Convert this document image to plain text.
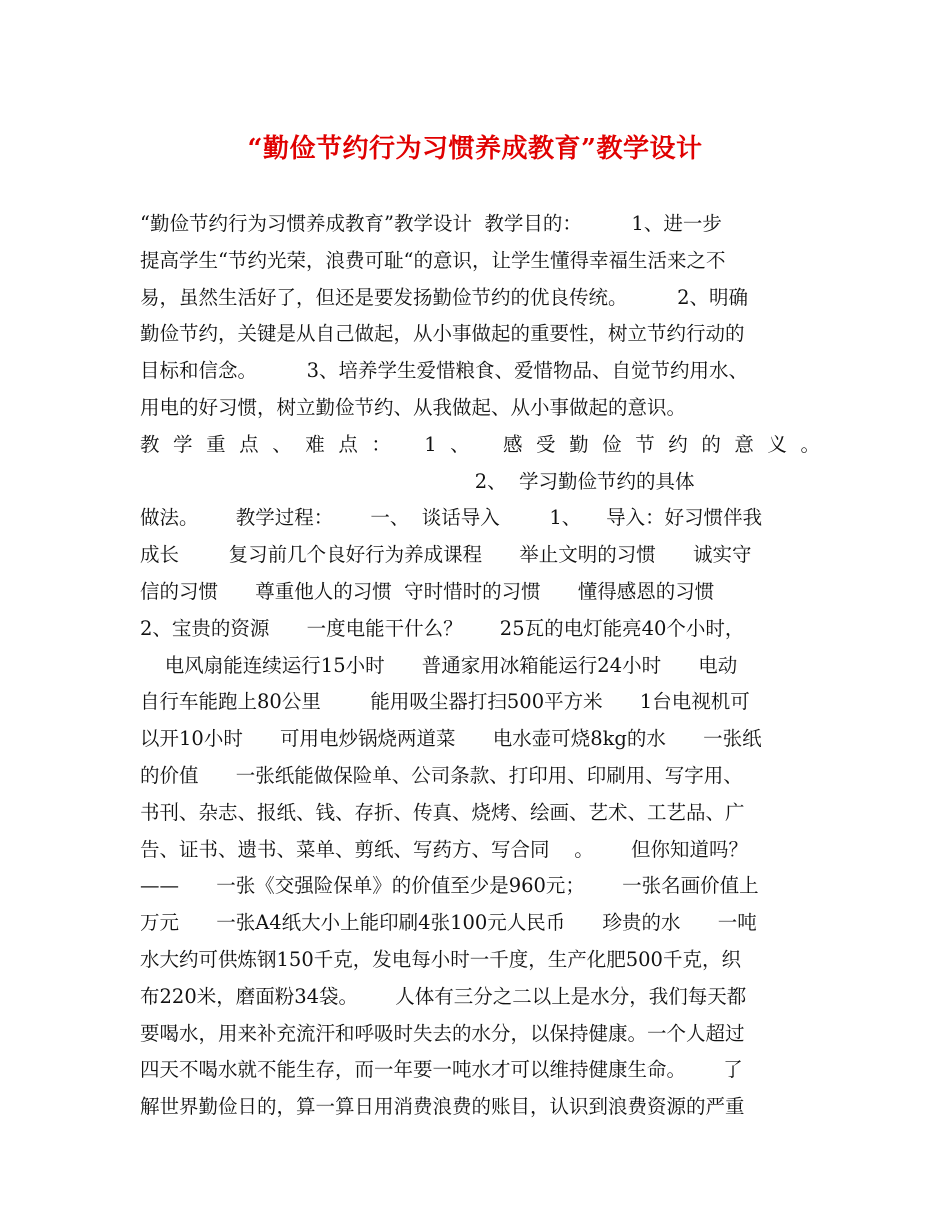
“勤俭节约行为习惯养成教育”教学设计
“勤俭节约行为习惯养成教育”教学设计  教学目的：        1、进一步
提高学生“节约光荣，浪费可耻“的意识，让学生懂得幸福生活来之不
易，虽然生活好了，但还是要发扬勤俭节约的优良传统。        2、明确
勤俭节约，关键是从自己做起，从小事做起的重要性，树立节约行动的
目标和信念。        3、培养学生爱惜粮食、爱惜物品、自觉节约用水、
用电的好习惯，树立勤俭节约、从我做起、从小事做起的意识。
教学重点、难点： 1、 感受勤俭节约的意义。
2、  学习勤俭节约的具体
做法。      教学过程：      一、  谈话导入        1、    导入：好习惯伴我
成长        复习前几个良好行为养成课程      举止文明的习惯      诚实守
信的习惯      尊重他人的习惯  守时惜时的习惯      懂得感恩的习惯
2、宝贵的资源      一度电能干什么？      25瓦的电灯能亮40个小时，
电风扇能连续运行15小时      普通家用冰箱能运行24小时      电动
自行车能跑上80公里        能用吸尘器打扫500平方米      1台电视机可
以开10小时      可用电炒锅烧两道菜      电水壶可烧8kg的水      一张纸
的价值      一张纸能做保险单、公司条款、打印用、印刷用、写字用、
书刊、杂志、报纸、钱、存折、传真、烧烤、绘画、艺术、工艺品、广
告、证书、遗书、菜单、剪纸、写药方、写合同    。      但你知道吗？
——      一张《交强险保单》的价值至少是960元；      一张名画价值上
万元      一张A4纸大小上能印刷4张100元人民币      珍贵的水      一吨
水大约可供炼钢150千克，发电每小时一千度，生产化肥500千克，织
布220米，磨面粉34袋。      人体有三分之二以上是水分，我们每天都
要喝水，用来补充流汗和呼吸时失去的水分，以保持健康。一个人超过
四天不喝水就不能生存，而一年要一吨水才可以维持健康生命。      了
解世界勤俭日的，算一算日用消费浪费的账目，认识到浪费资源的严重
